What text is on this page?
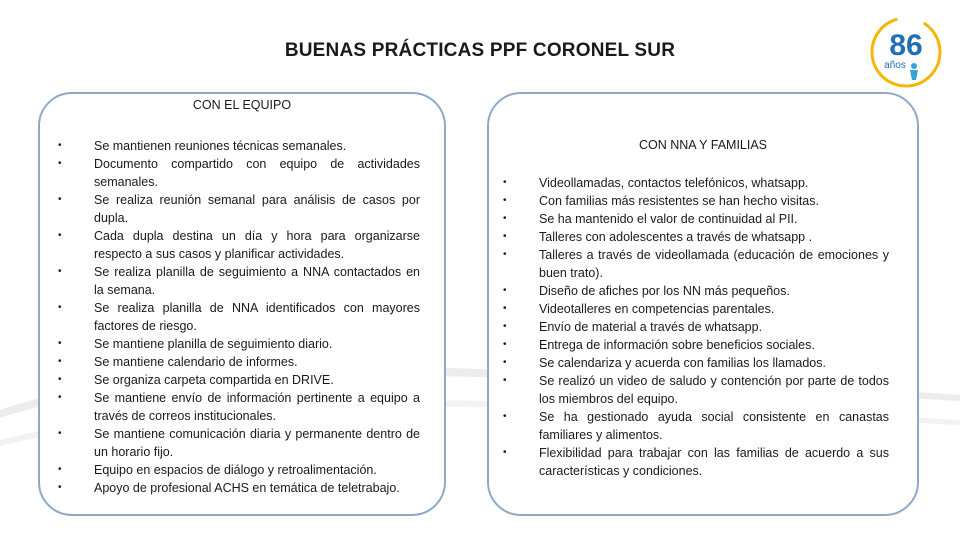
BUENAS PRÁCTICAS PPF CORONEL SUR	86
años
CON EL EQUIPO
•	Se mantienen reuniones técnicas semanales.
•	Documento compartido con equipo de actividades semanales.
•	Se realiza reunión semanal para análisis de casos por dupla.
•	Cada dupla destina un día y hora para organizarse respecto a sus casos y planificar actividades.
•	Se realiza planilla de seguimiento a NNA contactados en la semana.
•	Se realiza planilla de NNA identificados con mayores factores de riesgo.
•	Se mantiene planilla de seguimiento diario.
•	Se mantiene calendario de informes.
•	Se organiza carpeta compartida en DRIVE.
•	Se mantiene envío de información pertinente a equipo a través de correos institucionales.
•	Se mantiene comunicación diaria y permanente dentro de un horario fijo.
•	Equipo en espacios de diálogo y retroalimentación.
•	Apoyo de profesional ACHS en temática de teletrabajo.
CON NNA Y FAMILIAS
•	Videollamadas, contactos telefónicos, whatsapp.
•	Con familias más resistentes se han hecho visitas.
•	Se ha mantenido el valor de continuidad al PII.
•	Talleres con adolescentes a través de whatsapp .
•	Talleres a través de videollamada (educación de emociones y buen trato).
•	Diseño de afiches por los NN más pequeños.
•	Videotalleres en competencias parentales.
•	Envío de material a través de whatsapp.
•	Entrega de información sobre beneficios sociales.
•	Se calendariza y acuerda con familias los llamados.
•	Se realizó un video de saludo y contención por parte de todos los miembros del equipo.
•	Se ha gestionado ayuda social consistente en canastas familiares y alimentos.
•	Flexibilidad para trabajar con las familias de acuerdo a sus características y condiciones.
